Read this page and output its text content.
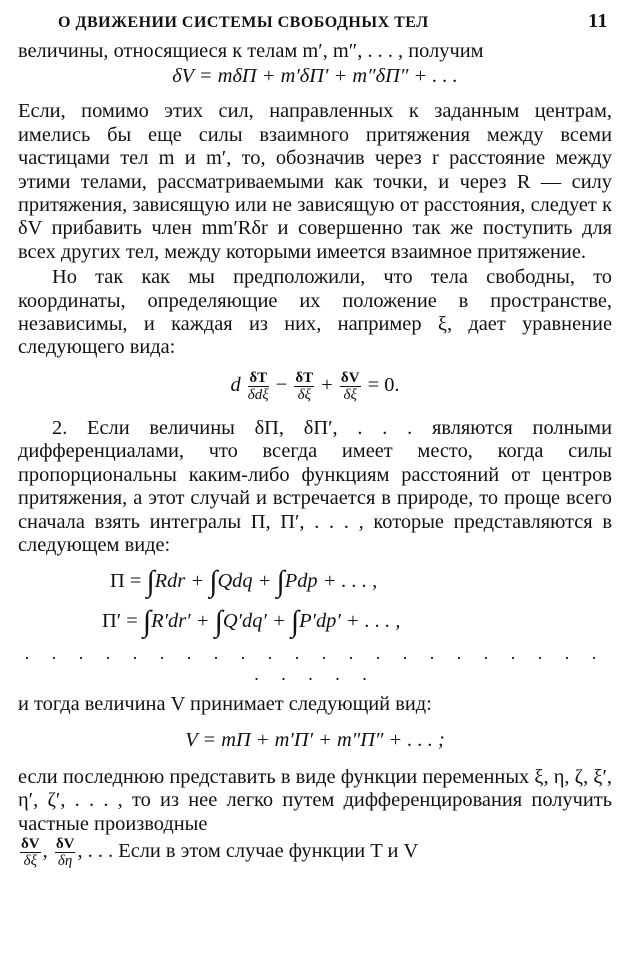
О ДВИЖЕНИИ СИСТЕМЫ СВОБОДНЫХ ТЕЛ	11

величины, относящиеся к телам m′, m″, . . . , получим

δV = mδΠ + m′δΠ′ + m″δΠ″ + . . .

Если, помимо этих сил, направленных к заданным центрам, имелись бы еще силы взаимного притяжения между всеми частицами тел m и m′, то, обозначив через r расстояние между этими телами, рассматриваемыми как точки, и через R — силу притяжения, зависящую или не зависящую от расстояния, следует к δV прибавить член mm′Rδr и совершенно так же поступить для всех других тел, между которыми имеется взаимное притяжение.

Но так как мы предположили, что тела свободны, то координаты, определяющие их положение в пространстве, независимы, и каждая из них, например ξ, дает уравнение следующего вида:

d $\frac{\delta T}{\text{δdξ}} - \frac{\delta T}{\delta\xi} + \frac{\delta V}{\delta\xi} = 0$.

2. Если величины δΠ, δΠ′, . . . являются полными дифференциалами, что всегда имеет место, когда силы пропорциональны каким-либо функциям расстояний от центров притяжения, а этот случай и встречается в природе, то проще всего сначала взять интегралы Π, Π′, . . . , которые представляются в следующем виде:

Π = ∫Rdr + ∫Qdq + ∫Pdp + . . . ,
Π′ = ∫R′dr′ + ∫Q′dq′ + ∫P′dp′ + . . . ,
. . . . . . . . . . . . . . . . . . . . . . . . . . .

и тогда величина V принимает следующий вид:

V = mΠ + m′Π′ + m″Π″ + . . . ;

если последнюю представить в виде функции переменных ξ, η, ζ, ξ′, η′, ζ′, . . . , то из нее легко путем дифференцирования получить частные производные

$\frac{\delta V}{\delta\xi}$ , $\frac{\delta V}{\delta\eta}$ , . . . Если в этом случае функции T и V
